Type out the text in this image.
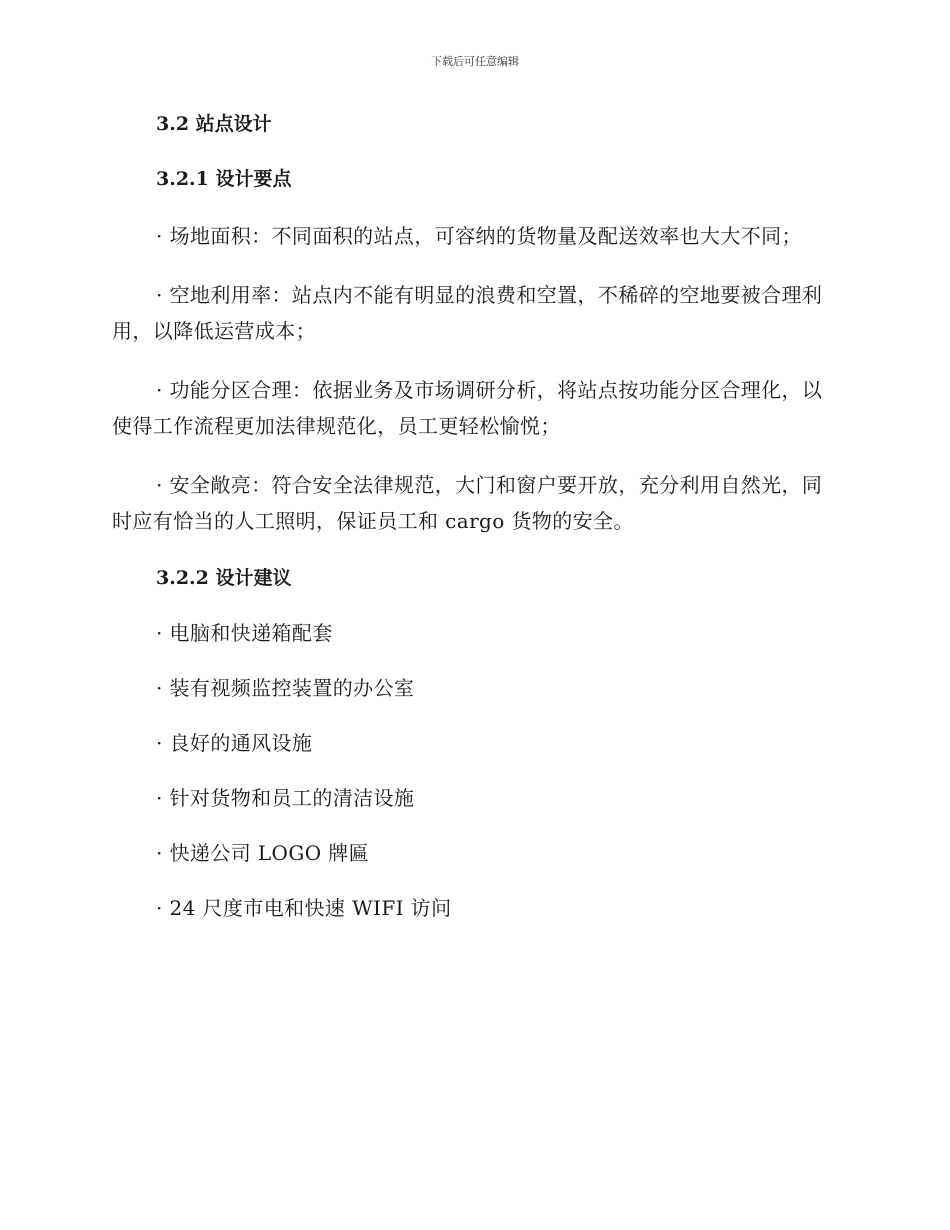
下载后可任意编辑
3.2 站点设计
3.2.1 设计要点
· 场地面积：不同面积的站点，可容纳的货物量及配送效率也大大不同；
· 空地利用率：站点内不能有明显的浪费和空置，不稀碎的空地要被合理利用，以降低运营成本；
· 功能分区合理：依据业务及市场调研分析，将站点按功能分区合理化，以使得工作流程更加法律规范化，员工更轻松愉悦；
· 安全敞亮：符合安全法律规范，大门和窗户要开放，充分利用自然光，同时应有恰当的人工照明，保证员工和 cargo 货物的安全。
3.2.2 设计建议
· 电脑和快递箱配套
· 装有视频监控装置的办公室
· 良好的通风设施
· 针对货物和员工的清洁设施
· 快递公司 LOGO 牌匾
· 24 尺度市电和快速 WIFI 访问
